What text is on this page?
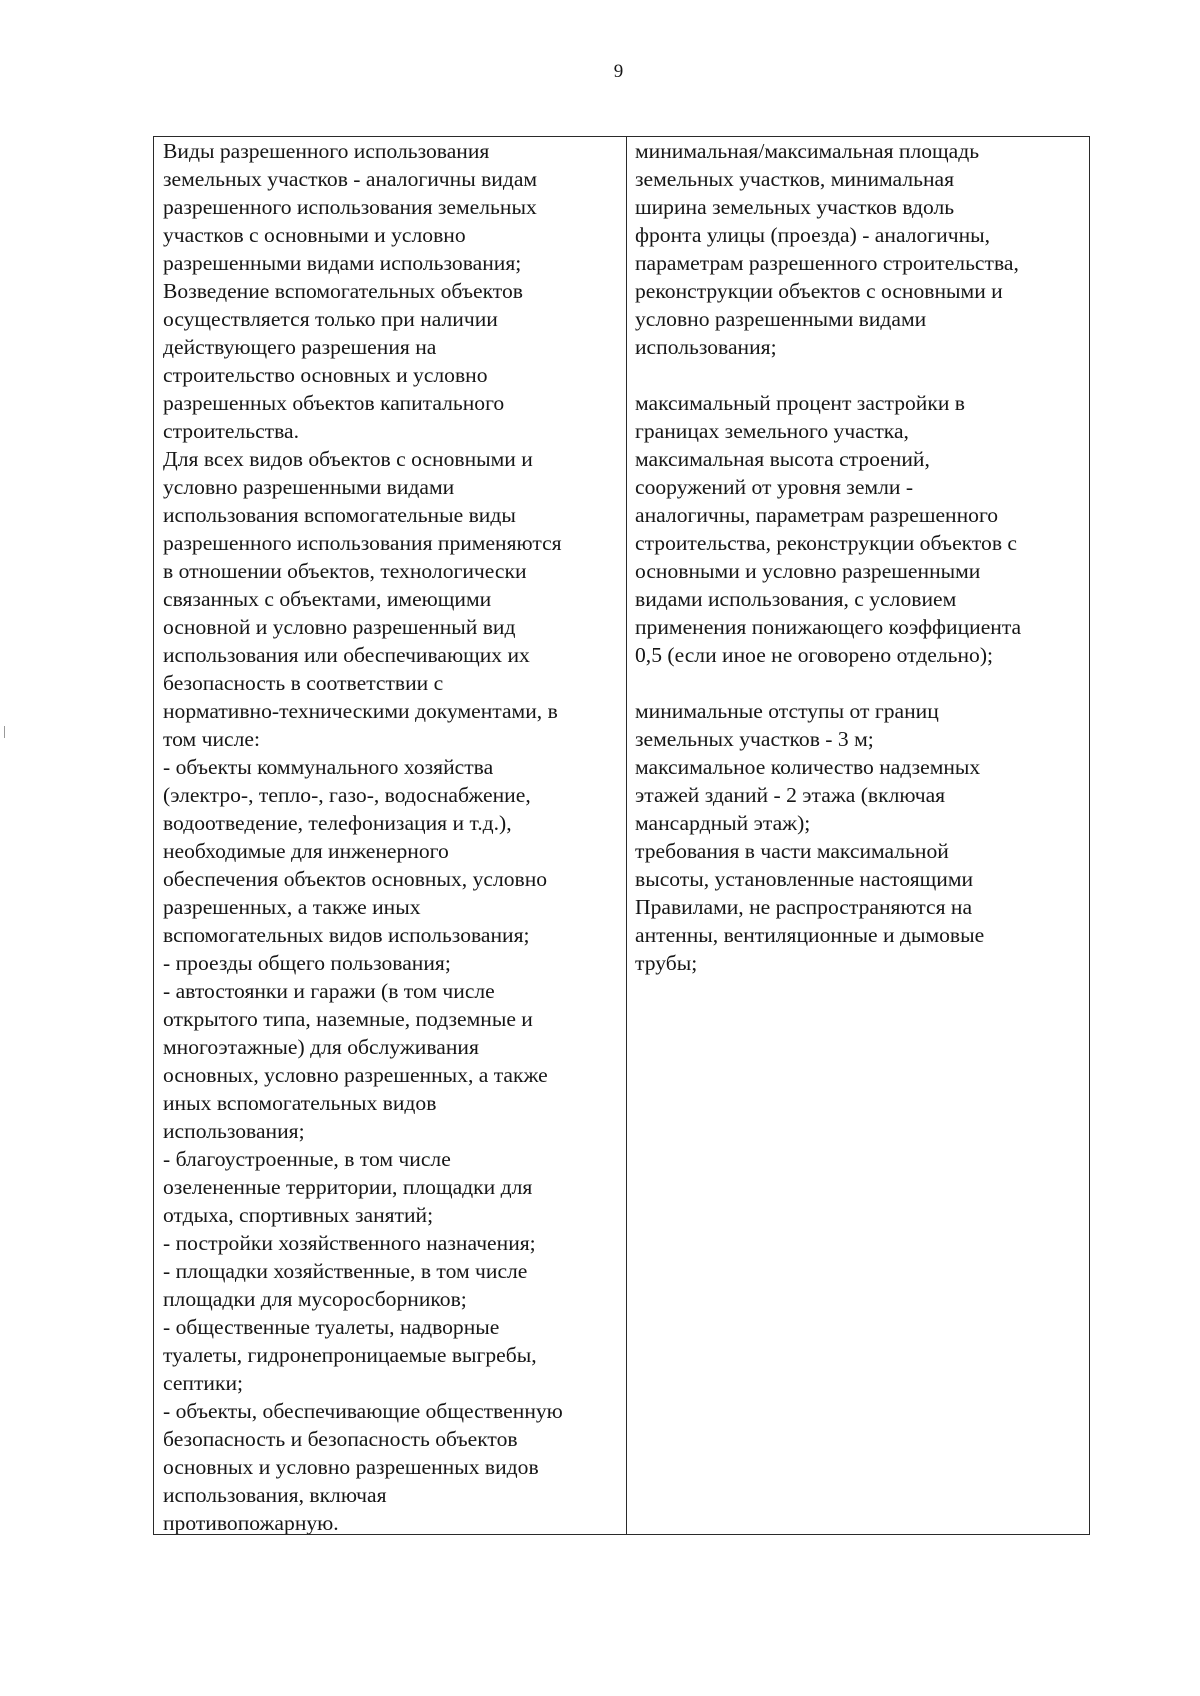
9
Виды разрешенного использования
земельных участков - аналогичны видам
разрешенного использования земельных
участков с основными и условно
разрешенными видами использования;
Возведение вспомогательных объектов
осуществляется только при наличии
действующего разрешения на
строительство основных и условно
разрешенных объектов капитального
строительства.
Для всех видов объектов с основными и
условно разрешенными видами
использования вспомогательные виды
разрешенного использования применяются
в отношении объектов, технологически
связанных с объектами, имеющими
основной и условно разрешенный вид
использования или обеспечивающих их
безопасность в соответствии с
нормативно-техническими документами, в
том числе:
- объекты коммунального хозяйства
(электро-, тепло-, газо-, водоснабжение,
водоотведение, телефонизация и т.д.),
необходимые для инженерного
обеспечения объектов основных, условно
разрешенных, а также иных
вспомогательных видов использования;
- проезды общего пользования;
- автостоянки и гаражи (в том числе
открытого типа, наземные, подземные и
многоэтажные) для обслуживания
основных, условно разрешенных, а также
иных вспомогательных видов
использования;
- благоустроенные, в том числе
озелененные территории, площадки для
отдыха, спортивных занятий;
- постройки хозяйственного назначения;
- площадки хозяйственные, в том числе
площадки для мусоросборников;
- общественные туалеты, надворные
туалеты, гидронепроницаемые выгребы,
септики;
- объекты, обеспечивающие общественную
безопасность и безопасность объектов
основных и условно разрешенных видов
использования, включая
противопожарную.
минимальная/максимальная площадь
земельных участков, минимальная
ширина земельных участков вдоль
фронта улицы (проезда) - аналогичны,
параметрам разрешенного строительства,
реконструкции объектов с основными и
условно разрешенными видами
использования;
максимальный процент застройки в
границах земельного участка,
максимальная высота строений,
сооружений от уровня земли -
аналогичны, параметрам разрешенного
строительства, реконструкции объектов с
основными и условно разрешенными
видами использования, с условием
применения понижающего коэффициента
0,5 (если иное не оговорено отдельно);
минимальные отступы от границ
земельных участков - 3 м;
максимальное количество надземных
этажей зданий - 2 этажа (включая
мансардный этаж);
требования в части максимальной
высоты, установленные настоящими
Правилами, не распространяются на
антенны, вентиляционные и дымовые
трубы;
